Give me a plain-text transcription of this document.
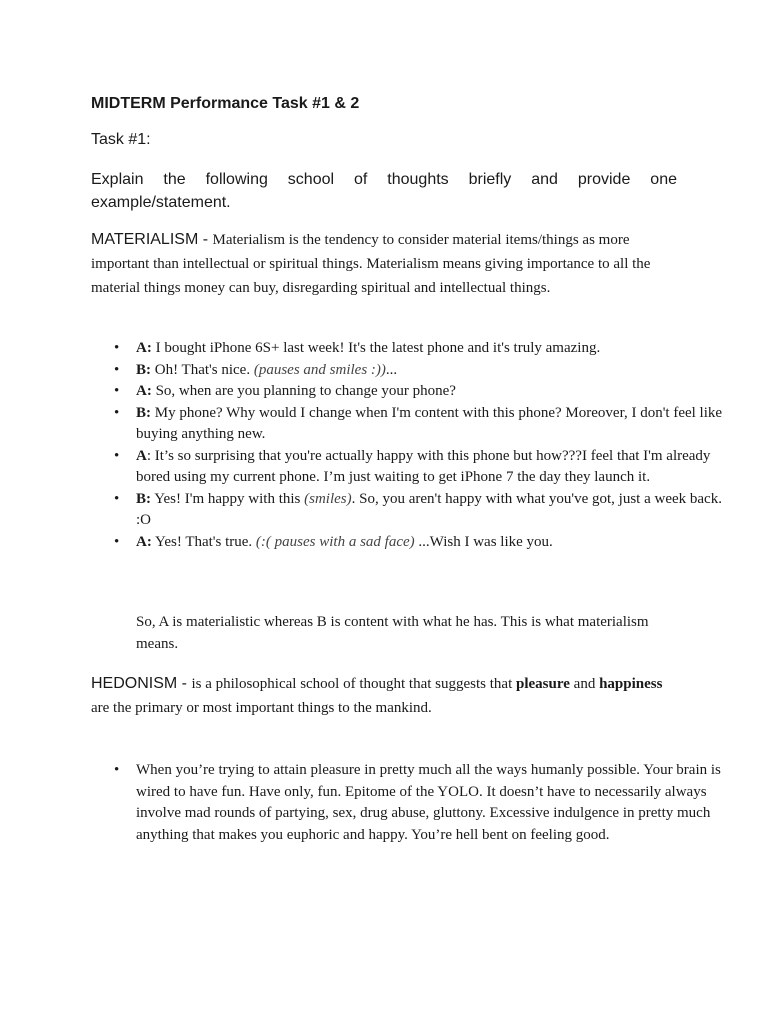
MIDTERM Performance Task #1 & 2
Task #1:
Explain the following school of thoughts briefly and provide one example/statement.
MATERIALISM - Materialism is the tendency to consider material items/things as more important than intellectual or spiritual things. Materialism means giving importance to all the material things money can buy, disregarding spiritual and intellectual things.
• A: I bought iPhone 6S+ last week! It's the latest phone and it's truly amazing.
• B: Oh! That's nice. (pauses and smiles :))...
• A: So, when are you planning to change your phone?
• B: My phone? Why would I change when I'm content with this phone? Moreover, I don't feel like buying anything new.
• A: It’s so surprising that you're actually happy with this phone but how???I feel that I'm already bored using my current phone. I’m just waiting to get iPhone 7 the day they launch it.
• B: Yes! I'm happy with this (smiles). So, you aren't happy with what you've got, just a week back. :O
• A: Yes! That's true. (:( pauses with a sad face) ...Wish I was like you.
So, A is materialistic whereas B is content with what he has. This is what materialism means.
HEDONISM - is a philosophical school of thought that suggests that pleasure and happiness are the primary or most important things to the mankind.
• When you’re trying to attain pleasure in pretty much all the ways humanly possible. Your brain is wired to have fun. Have only, fun. Epitome of the YOLO. It doesn’t have to necessarily always involve mad rounds of partying, sex, drug abuse, gluttony. Excessive indulgence in pretty much anything that makes you euphoric and happy. You’re hell bent on feeling good.
